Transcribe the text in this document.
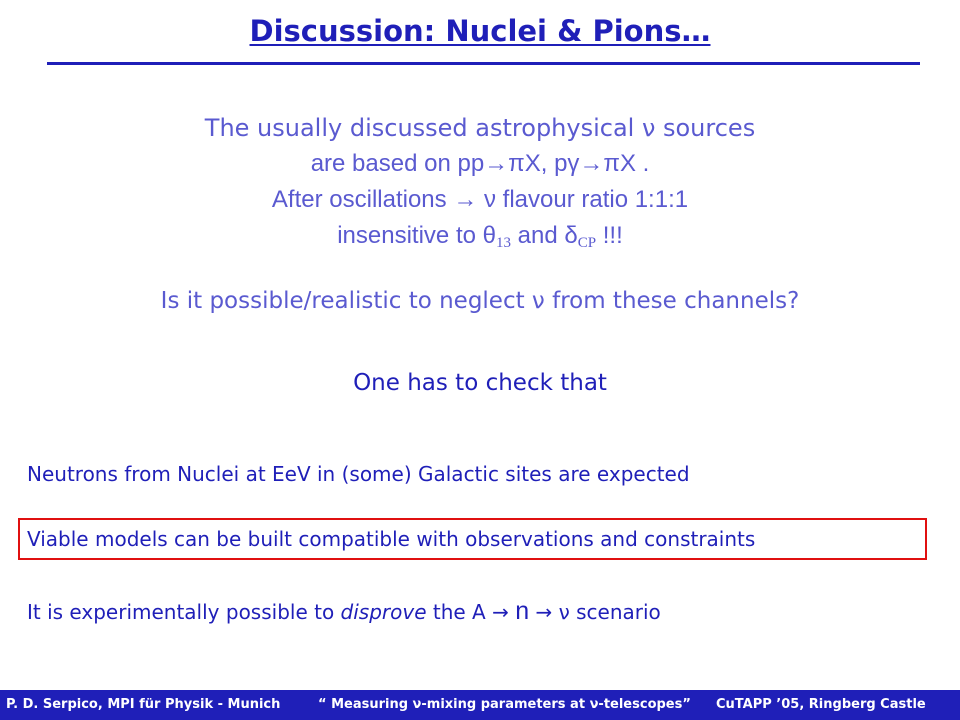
Discussion: Nuclei & Pions…
The usually discussed astrophysical ν sources
are based on pp→πX, pγ→πX .
After oscillations → ν flavour ratio 1:1:1
insensitive to $\theta_{13}$ and $\delta_{CP}$ !!!
Is it possible/realistic to neglect ν from these channels?
One has to check that
Neutrons from Nuclei at EeV in (some) Galactic sites are expected
Viable models can be built compatible with observations and constraints
It is experimentally possible to disprove the A → n → ν scenario
P. D. Serpico, MPI für Physik - Munich	“ Measuring ν-mixing parameters at ν-telescopes” CuTAPP ’05, Ringberg Castle
